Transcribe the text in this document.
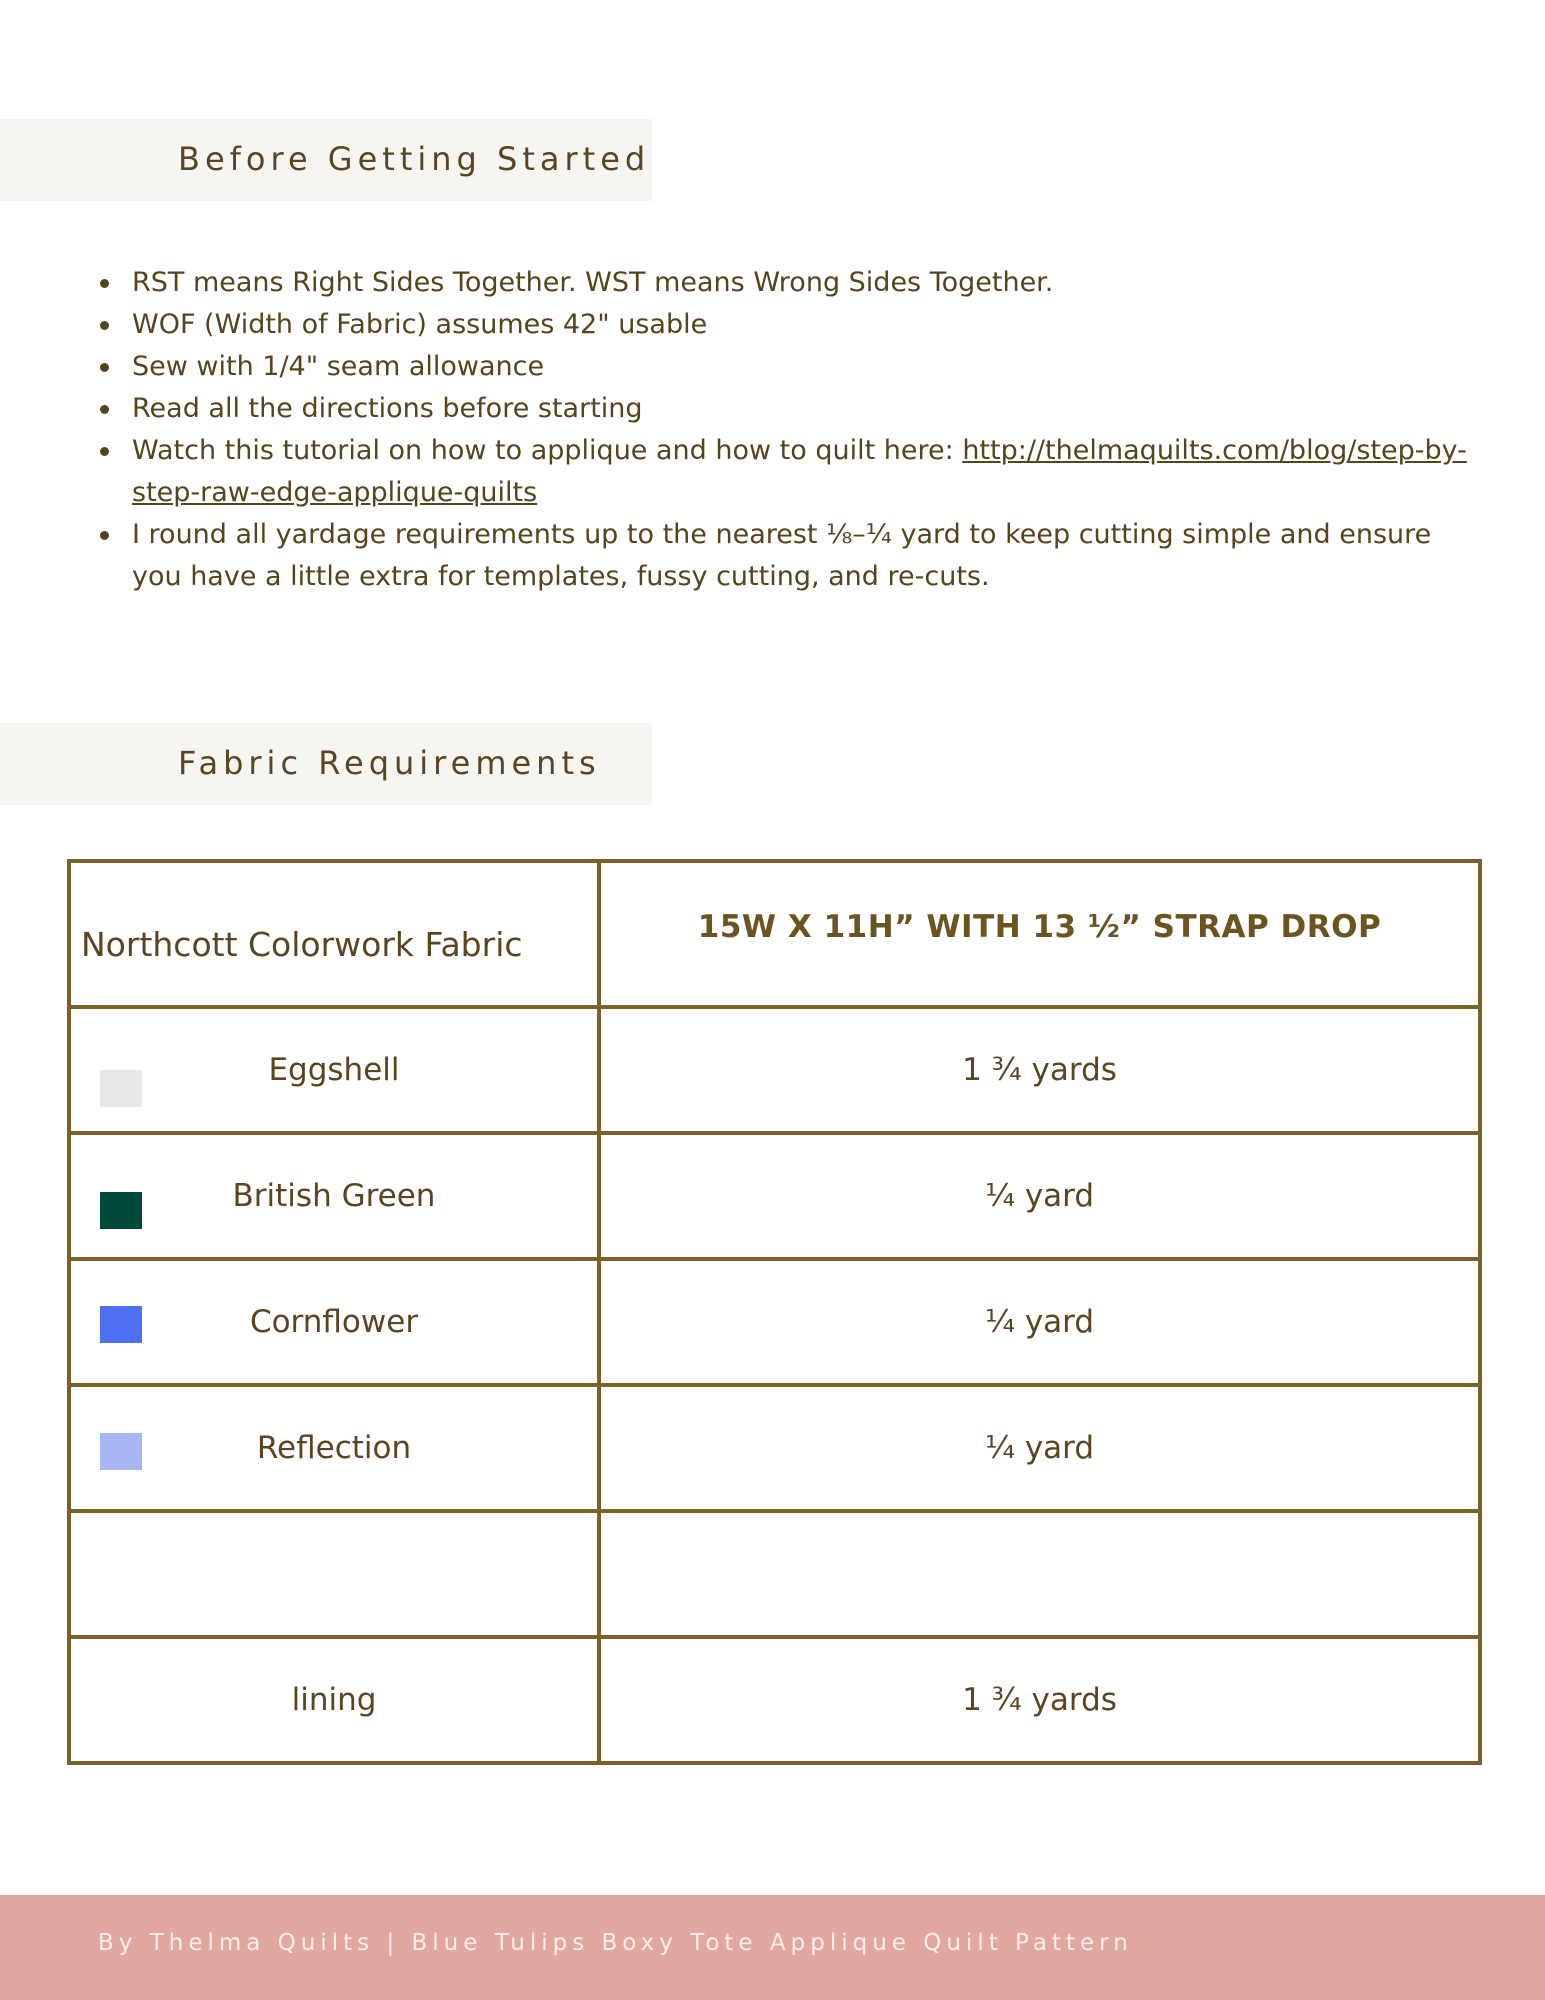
Before Getting Started
RST means Right Sides Together. WST means Wrong Sides Together.
WOF (Width of Fabric) assumes 42" usable
Sew with 1/4" seam allowance
Read all the directions before starting
Watch this tutorial on how to applique and how to quilt here: http://thelmaquilts.com/blog/step-by-step-raw-edge-applique-quilts
I round all yardage requirements up to the nearest ⅛–¼ yard to keep cutting simple and ensure you have a little extra for templates, fussy cutting, and re-cuts.
Fabric Requirements
Northcott Colorwork Fabric	15W X 11H” WITH 13 ½” STRAP DROP

Eggshell	1 ¾ yards

British Green	¼ yard

Cornflower	¼ yard

Reflection	¼ yard

lining	1 ¾ yards
By Thelma Quilts | Blue Tulips Boxy Tote Applique Quilt Pattern
